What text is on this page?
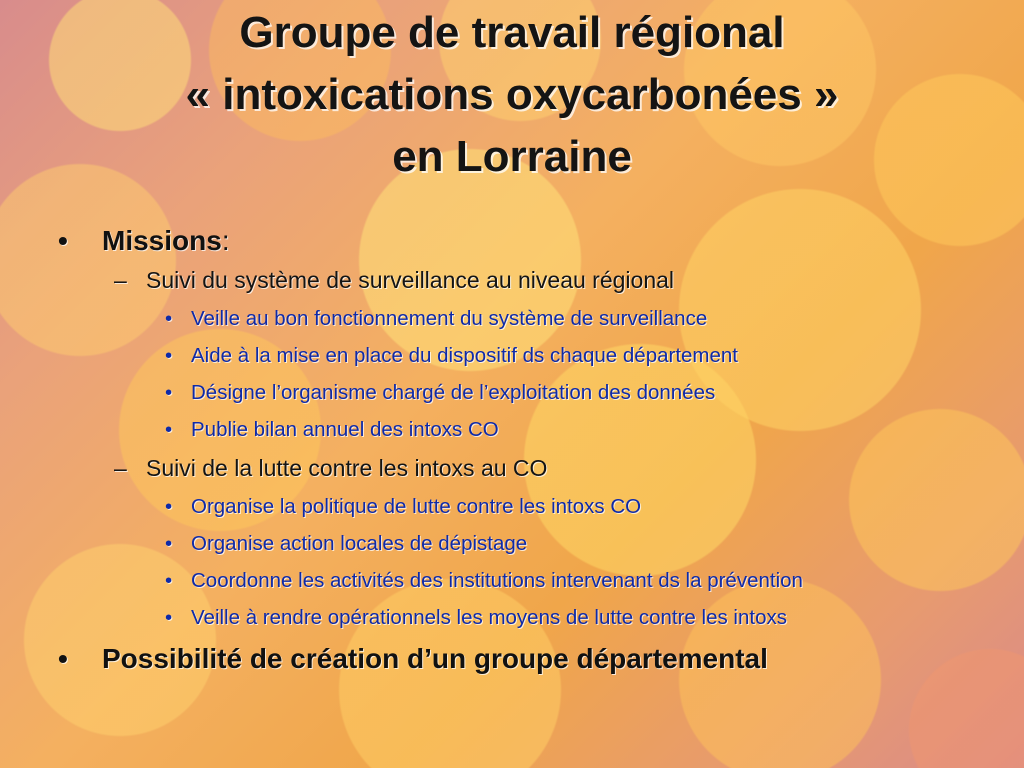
Groupe de travail régional
« intoxications oxycarbonées »
en Lorraine
• Missions:
– Suivi du système de surveillance au niveau régional
• Veille au bon fonctionnement du système de surveillance
• Aide à la mise en place du dispositif ds chaque département
• Désigne l’organisme chargé de l’exploitation des données
• Publie bilan annuel des intoxs CO
– Suivi de la lutte contre les intoxs au CO
• Organise la politique de lutte contre les intoxs CO
• Organise action locales de dépistage
• Coordonne les activités des institutions intervenant ds la prévention
• Veille à rendre opérationnels les moyens de lutte contre les intoxs
• Possibilité de création d’un groupe départemental
